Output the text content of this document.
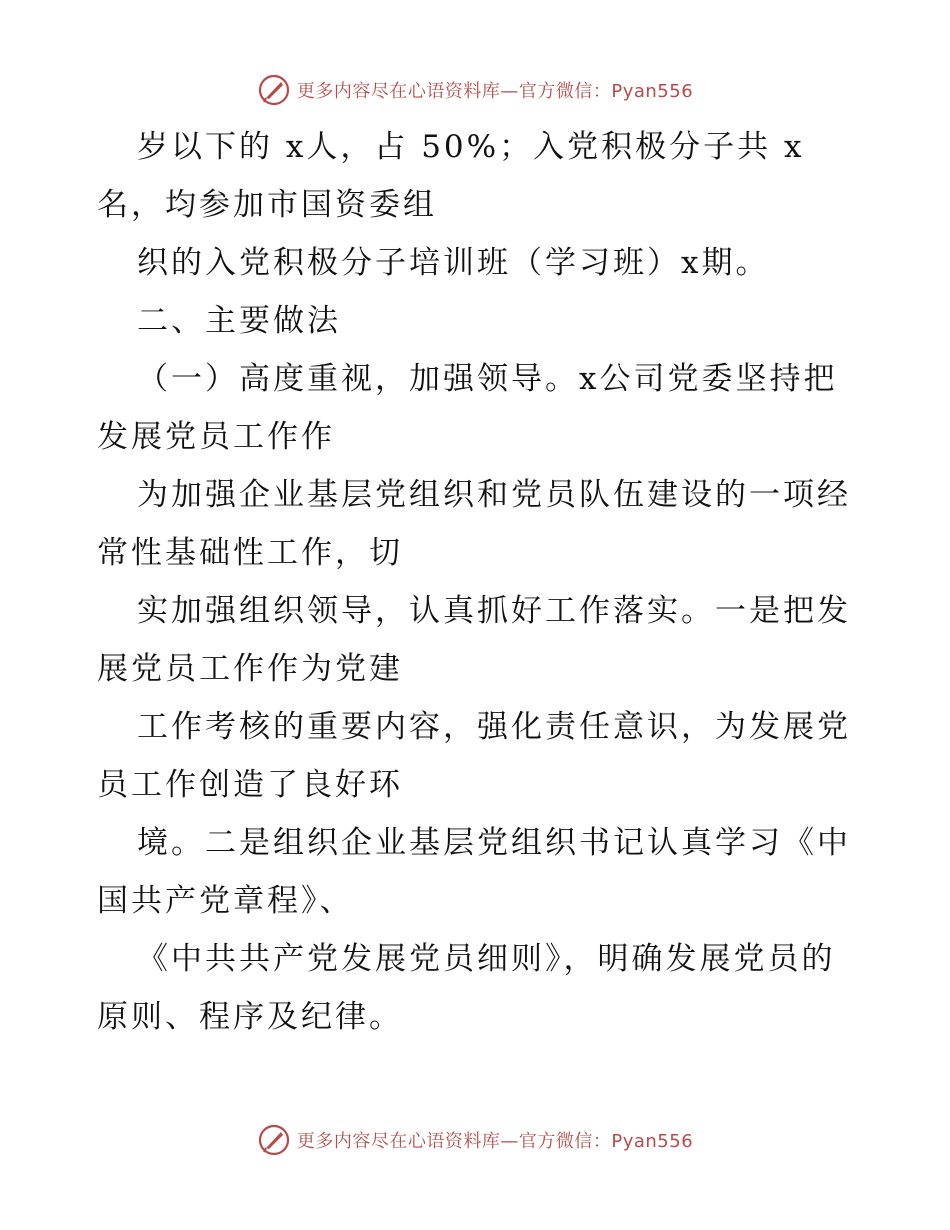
更多内容尽在心语资料库—官方微信：Pyan556
岁以下的 x人，占 50%；入党积极分子共 x
名，均参加市国资委组
织的入党积极分子培训班（学习班）x期。
二、主要做法
（一）高度重视，加强领导。x公司党委坚持把
发展党员工作作
为加强企业基层党组织和党员队伍建设的一项经
常性基础性工作，切
实加强组织领导，认真抓好工作落实。一是把发
展党员工作作为党建
工作考核的重要内容，强化责任意识，为发展党
员工作创造了良好环
境。二是组织企业基层党组织书记认真学习《中
国共产党章程》、
《中共共产党发展党员细则》，明确发展党员的
原则、程序及纪律。
更多内容尽在心语资料库—官方微信：Pyan556
